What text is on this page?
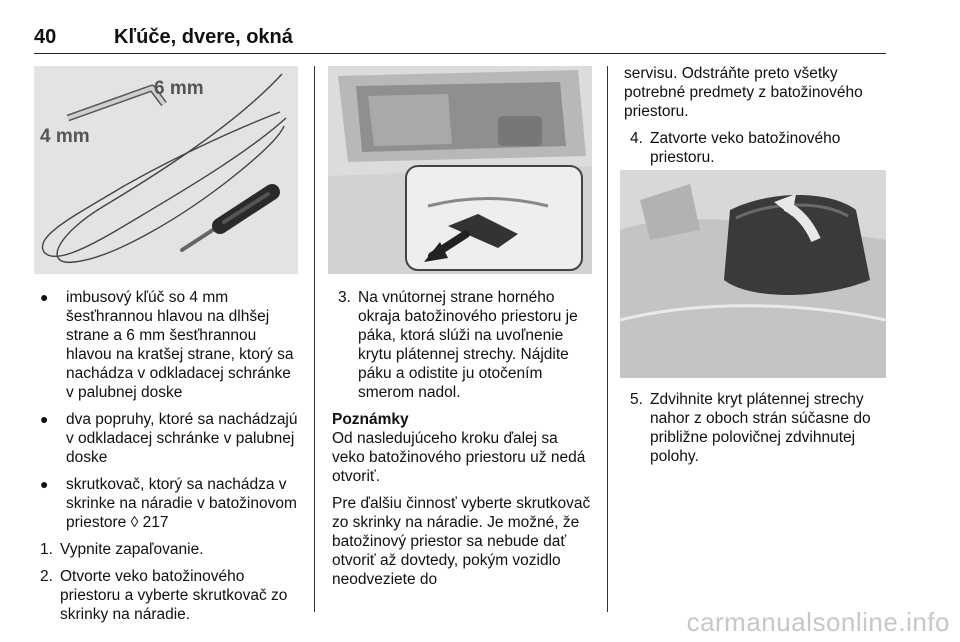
40	Kľúče, dvere, okná
6 mm
4 mm
● imbusový kľúč so 4 mm šesťhrannou hlavou na dlhšej strane a 6 mm šesťhrannou hlavou na kratšej strane, ktorý sa nachádza v odkladacej schránke v palubnej doske
● dva popruhy, ktoré sa nachádzajú v odkladacej schránke v palubnej doske
● skrutkovač, ktorý sa nachádza v skrinke na náradie v batožinovom priestore ◊ 217
1. Vypnite zapaľovanie.
2. Otvorte veko batožinového priestoru a vyberte skrutkovač zo skrinky na náradie.
3. Na vnútornej strane horného okraja batožinového priestoru je páka, ktorá slúži na uvoľnenie krytu plátennej strechy. Nájdite páku a odistite ju otočením smerom nadol.
Poznámky
Od nasledujúceho kroku ďalej sa veko batožinového priestoru už nedá otvoriť.
Pre ďalšiu činnosť vyberte skrutkovač zo skrinky na náradie. Je možné, že batožinový priestor sa nebude dať otvoriť až dovtedy, pokým vozidlo neodveziete do
servisu. Odstráňte preto všetky potrebné predmety z batožinového priestoru.
4. Zatvorte veko batožinového priestoru.
5. Zdvihnite kryt plátennej strechy nahor z oboch strán súčasne do približne polovičnej zdvihnutej polohy.
carmanualsonline.info
